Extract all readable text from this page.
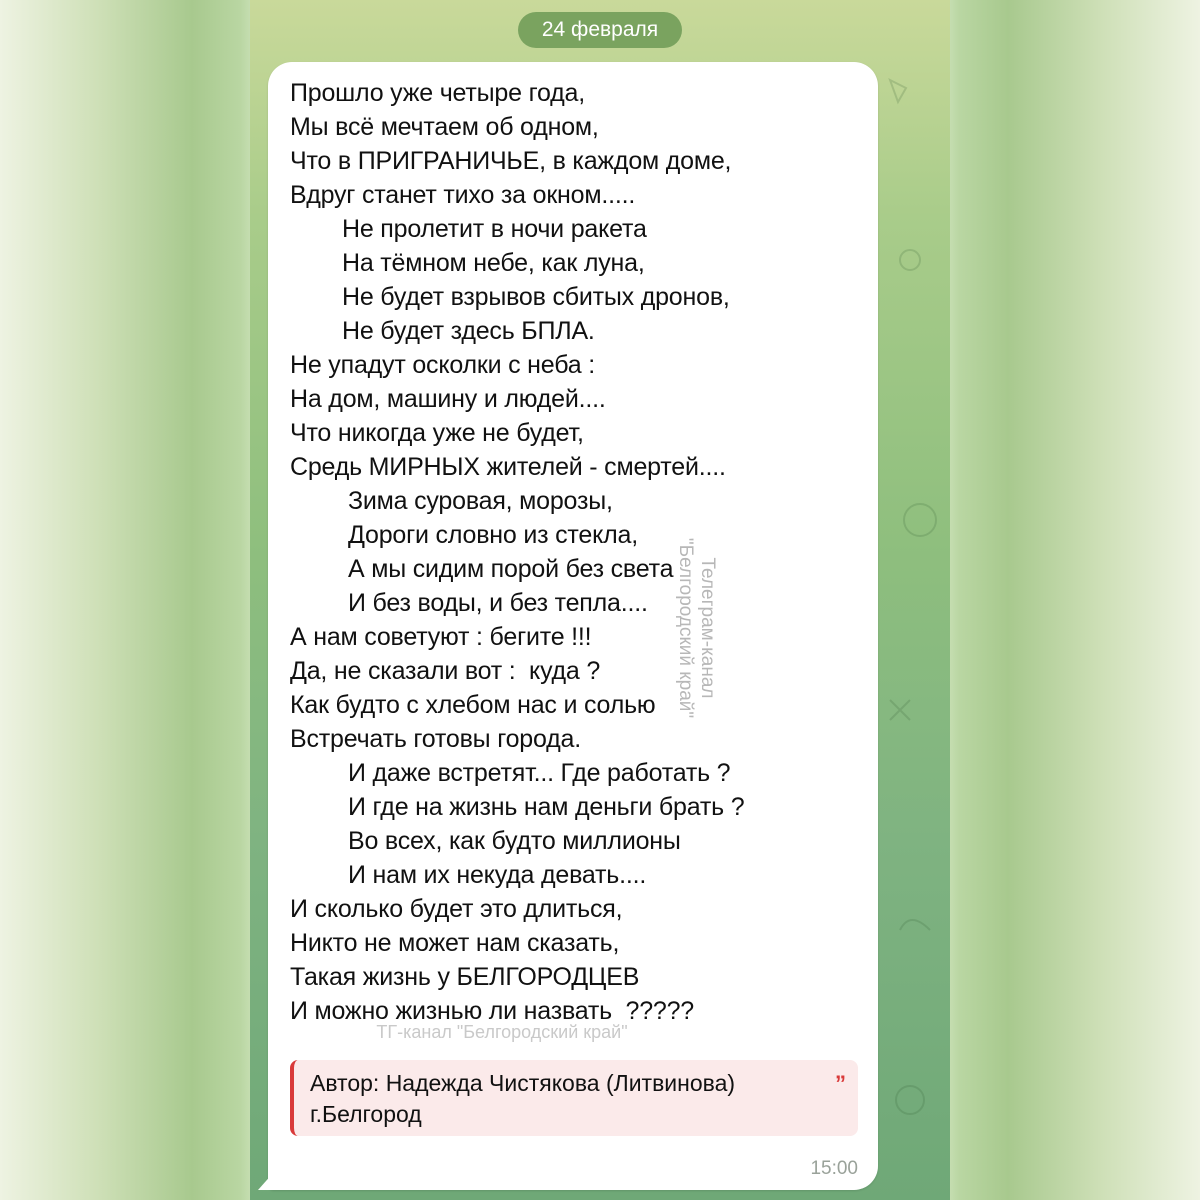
24 февраля
Прошло уже четыре года,
Мы всё мечтаем об одном,
Что в ПРИГРАНИЧЬЕ, в каждом доме,
Вдруг станет тихо за окном.....
Не пролетит в ночи ракета
На тёмном небе, как луна,
Не будет взрывов сбитых дронов,
Не будет здесь БПЛА.
Не упадут осколки с неба :
На дом, машину и людей....
Что никогда уже не будет,
Средь МИРНЫХ жителей - смертей....
Зима суровая, морозы,
Дороги словно из стекла,
А мы сидим порой без света
И без воды, и без тепла....
А нам советуют : бегите !!!
Да, не сказали вот :  куда ?
Как будто с хлебом нас и солью
Встречать готовы города.
И даже встретят... Где работать ?
И где на жизнь нам деньги брать ?
Во всех, как будто миллионы
И нам их некуда девать....
И сколько будет это длиться,
Никто не может нам сказать,
Такая жизнь у БЕЛГОРОДЦЕВ
И можно жизнью ли назвать  ?????
Телеграм-канал "Белгородский край"
ТГ-канал "Белгородский край"
Автор: Надежда Чистякова (Литвинова)
г.Белгород
”
15:00
